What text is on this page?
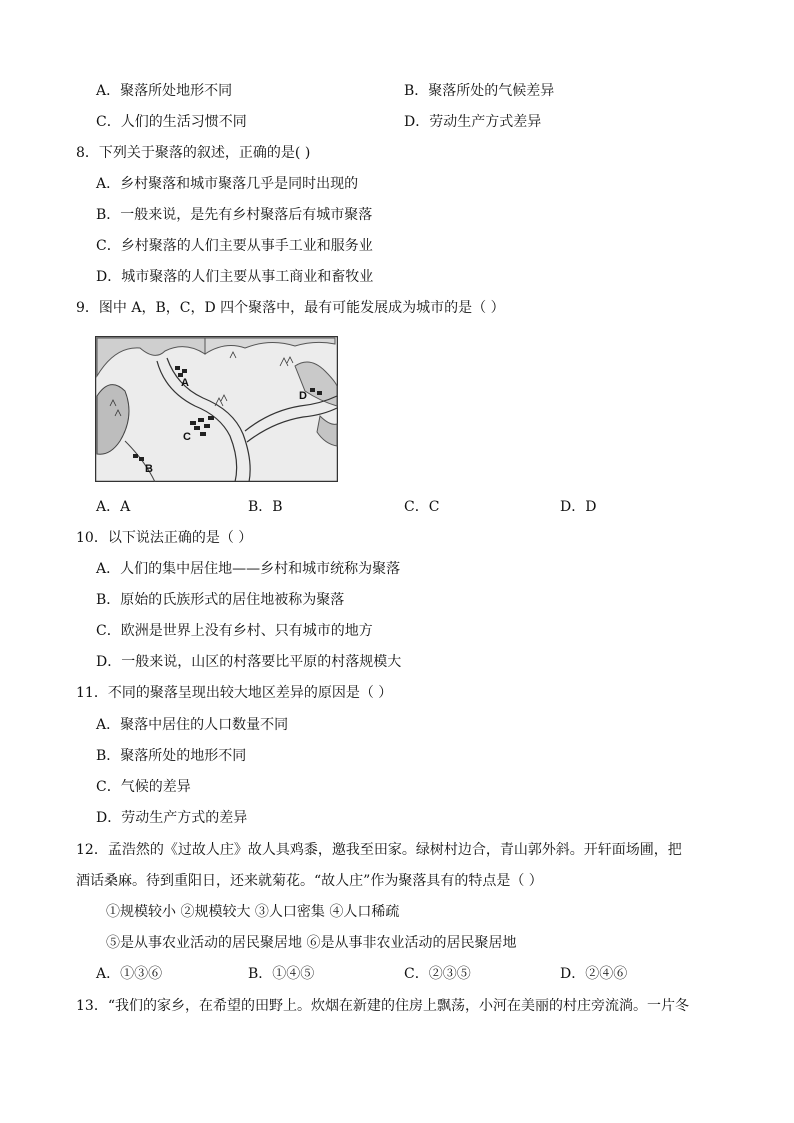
A．聚落所处地形不同	B．聚落所处的气候差异
C．人们的生活习惯不同	D．劳动生产方式差异
8．下列关于聚落的叙述，正确的是( )
A．乡村聚落和城市聚落几乎是同时出现的
B．一般来说，是先有乡村聚落后有城市聚落
C．乡村聚落的人们主要从事手工业和服务业
D．城市聚落的人们主要从事工商业和畜牧业
9．图中 A，B，C，D 四个聚落中，最有可能发展成为城市的是（ ）
A
B
C
D
A．A	B．B	C．C	D．D
10．以下说法正确的是（ ）
A．人们的集中居住地——乡村和城市统称为聚落
B．原始的氏族形式的居住地被称为聚落
C．欧洲是世界上没有乡村、只有城市的地方
D．一般来说，山区的村落要比平原的村落规模大
11．不同的聚落呈现出较大地区差异的原因是（ ）
A．聚落中居住的人口数量不同
B．聚落所处的地形不同
C．气候的差异
D．劳动生产方式的差异
12．孟浩然的《过故人庄》故人具鸡黍，邀我至田家。绿树村边合，青山郭外斜。开轩面场圃，把
酒话桑麻。待到重阳日，还来就菊花。“故人庄”作为聚落具有的特点是（ ）
①规模较小 ②规模较大 ③人口密集 ④人口稀疏
⑤是从事农业活动的居民聚居地 ⑥是从事非农业活动的居民聚居地
A．①③⑥	B．①④⑤	C．②③⑤	D．②④⑥
13．“我们的家乡，在希望的田野上。炊烟在新建的住房上飘荡，小河在美丽的村庄旁流淌。一片冬
